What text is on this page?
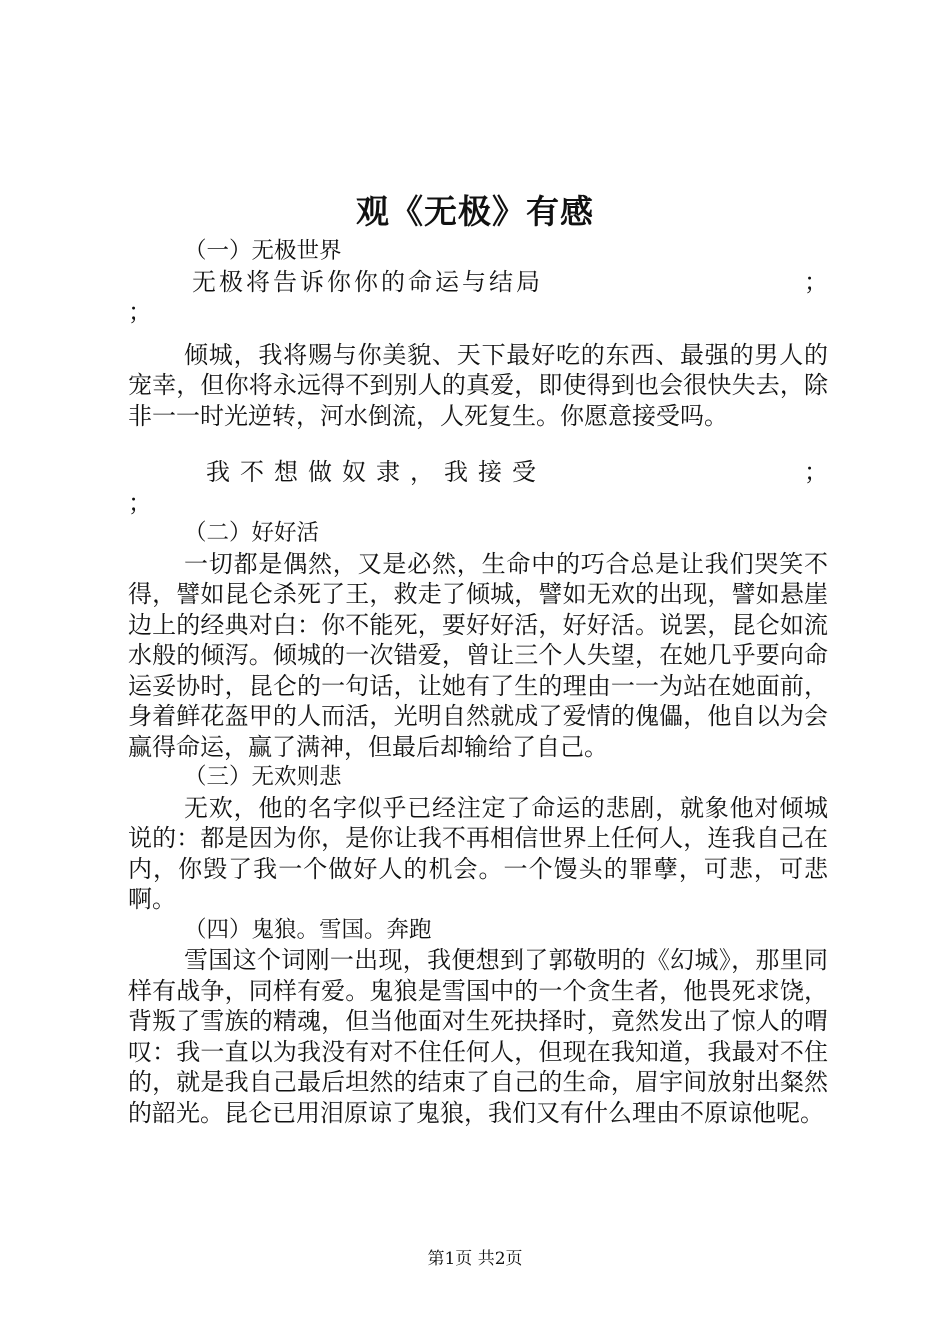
观《无极》有感

（一）无极世界

无极将告诉你你的命运与结局	；

；

倾城，我将赐与你美貌、天下最好吃的东西、最强的男人的宠幸，但你将永远得不到别人的真爱，即使得到也会很快失去，除非一一时光逆转，河水倒流，人死复生。你愿意接受吗。

我不想做奴隶，我接受	；

；

（二）好好活

一切都是偶然，又是必然，生命中的巧合总是让我们哭笑不得，譬如昆仑杀死了王，救走了倾城，譬如无欢的出现，譬如悬崖边上的经典对白：你不能死，要好好活，好好活。说罢，昆仑如流水般的倾泻。倾城的一次错爱，曾让三个人失望，在她几乎要向命运妥协时，昆仑的一句话，让她有了生的理由一一为站在她面前，身着鲜花盔甲的人而活，光明自然就成了爱情的傀儡，他自以为会赢得命运，赢了满神，但最后却输给了自己。

（三）无欢则悲

无欢，他的名字似乎已经注定了命运的悲剧，就象他对倾城说的：都是因为你，是你让我不再相信世界上任何人，连我自己在内，你毁了我一个做好人的机会。一个馒头的罪孽，可悲，可悲啊。

（四）鬼狼。雪国。奔跑

雪国这个词刚一出现，我便想到了郭敬明的《幻城》，那里同样有战争，同样有爱。鬼狼是雪国中的一个贪生者，他畏死求饶，背叛了雪族的精魂，但当他面对生死抉择时，竟然发出了惊人的喟叹：我一直以为我没有对不住任何人，但现在我知道，我最对不住的，就是我自己最后坦然的结束了自己的生命，眉宇间放射出粲然的韶光。昆仑已用泪原谅了鬼狼，我们又有什么理由不原谅他呢。

第1页 共2页
